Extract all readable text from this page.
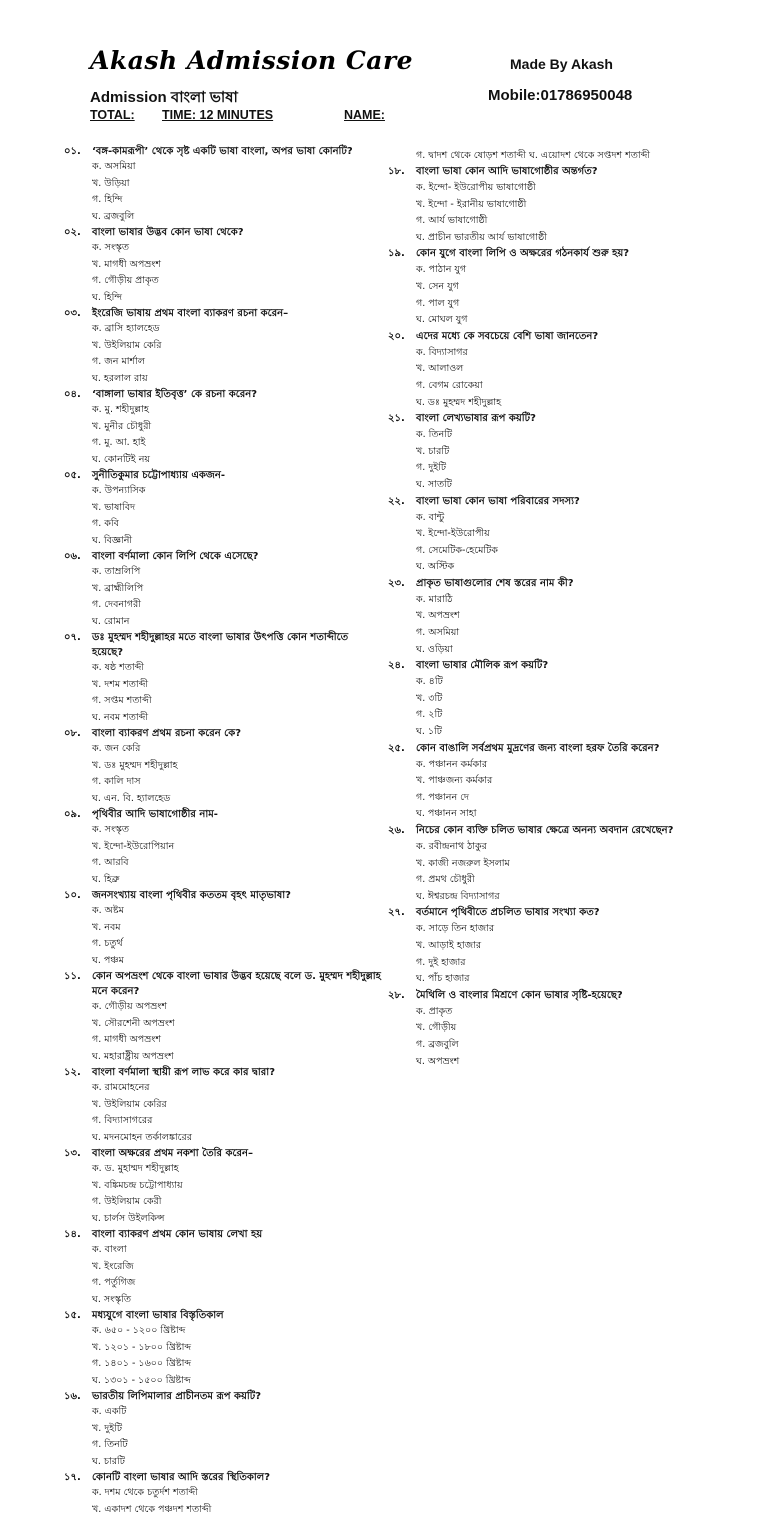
Akash Admission Care	Made By Akash
Admission বাংলা ভাষা	Mobile:01786950048
TOTAL: TIME: 12 MINUTES	NAME:
০১.	‘বঙ্গ-কামরূপী’ থেকে সৃষ্ট একটি ভাষা বাংলা, অপর ভাষা কোনটি?
ক. অসমিয়া
খ. উড়িয়া
গ. হিন্দি
ঘ. ব্রজবুলি
০২.	বাংলা ভাষার উদ্ভব কোন ভাষা থেকে?
ক. সংস্কৃত
খ. মাগধী অপভ্রংশ
গ. গৌড়ীয় প্রাকৃত
ঘ. হিন্দি
০৩.	ইংরেজি ভাষায় প্রথম বাংলা ব্যাকরণ রচনা করেন–
ক. ব্রাসি হ্যালহেড
খ. উইলিয়াম কেরি
গ. জন মার্শাল
ঘ. হরলাল রায়
০৪.	‘বাঙ্গালা ভাষার ইতিবৃত্ত’ কে রচনা করেন?
ক. মু. শহীদুল্লাহ
খ. মুনীর চৌধুরী
গ. মু. আ. হাই
ঘ. কোনটিই নয়
০৫.	সুনীতিকুমার চট্টোপাধ্যায় একজন-
ক. উপন্যাসিক
খ. ভাষাবিদ
গ. কবি
ঘ. বিজ্ঞানী
০৬.	বাংলা বর্ণমালা কোন লিপি থেকে এসেছে?
ক. তাম্রলিপি
খ. ব্রাহ্মীলিপি
গ. দেবনাগরী
ঘ. রোমান
০৭.	ডঃ মুহম্মদ শহীদুল্লাহর মতে বাংলা ভাষার উৎপত্তি কোন শতাব্দীতে হয়েছে?
ক. ষষ্ঠ শতাব্দী
খ. দশম শতাব্দী
গ. সপ্তম শতাব্দী
ঘ. নবম শতাব্দী
০৮.	বাংলা ব্যাকরণ প্রথম রচনা করেন কে?
ক. জন কেরি
খ. ডঃ মুহম্মদ শহীদুল্লাহ
গ. কালি দাস
ঘ. এন. বি. হ্যালহেড
০৯.	পৃথিবীর আদি ভাষাগোষ্ঠীর নাম-
ক. সংস্কৃত
খ. ইন্দো-ইউরোপিয়ান
গ. আরবি
ঘ. হিব্রু
১০.	জনসংখ্যায় বাংলা পৃথিবীর কততম বৃহৎ মাতৃভাষা?
ক. অষ্টম
খ. নবম
গ. চতুর্থ
ঘ. পঞ্চম
১১.	কোন অপভ্রংশ থেকে বাংলা ভাষার উদ্ভব হয়েছে বলে ড. মুহম্মদ শহীদুল্লাহ মনে করেন?
ক. গৌড়ীয় অপভ্রংশ
খ. সৌরশেনী অপভ্রংশ
গ. মাগধী অপভ্রংশ
ঘ. মহারাষ্ট্রীয় অপভ্রংশ
১২.	বাংলা বর্ণমালা স্থায়ী রূপ লাভ করে কার দ্বারা?
ক. রামমোহনের
খ. উইলিয়াম কেরির
গ. বিদ্যাসাগরের
ঘ. মদনমোহন তর্কালঙ্কারের
১৩.	বাংলা অক্ষরের প্রথম নকশা তৈরি করেন–
ক. ড. মুহাম্মদ শহীদুল্লাহ
খ. বঙ্কিমচন্দ্র চট্টোপাধ্যায়
গ. উইলিয়াম কেরী
ঘ. চার্লস উইলকিন্স
১৪.	বাংলা ব্যাকরণ প্রথম কোন ভাষায় লেখা হয়
ক. বাংলা
খ. ইংরেজি
গ. পর্তুগিজ
ঘ. সংস্কৃতি
১৫.	মধ্যযুগে বাংলা ভাষার বিস্তৃতিকাল
ক. ৬৫০ - ১২০০ খ্রিষ্টাব্দ
খ. ১২০১ - ১৮০০ খ্রিষ্টাব্দ
গ. ১৪০১ - ১৬০০ খ্রিষ্টাব্দ
ঘ. ১৩০১ - ১৫০০ খ্রিষ্টাব্দ
১৬.	ভারতীয় লিপিমালার প্রাচীনতম রূপ কয়টি?
ক. একটি
খ. দুইটি
গ. তিনটি
ঘ. চারটি
১৭.	কোনটি বাংলা ভাষার আদি স্তরের স্থিতিকাল?
ক. দশম থেকে চতুর্দশ শতাব্দী
খ. একাদশ থেকে পঞ্চদশ শতাব্দী
গ. দ্বাদশ থেকে ষোড়শ শতাব্দী ঘ. এয়োদশ থেকে সপ্তদশ শতাব্দী
১৮.	বাংলা ভাষা কোন আদি ভাষাগোষ্ঠীর অন্তর্গত?
ক. ইন্দো- ইউরোপীয় ভাষাগোষ্ঠী
খ. ইন্দো - ইরানীয় ভাষাগোষ্ঠী
গ. আর্য ভাষাগোষ্ঠী
ঘ. প্রাচীন ভারতীয় আর্য ভাষাগোষ্ঠী
১৯.	কোন যুগে বাংলা লিপি ও অক্ষরের গঠনকার্য শুরু হয়?
ক. পাঠান যুগ
খ. সেন যুগ
গ. পাল যুগ
ঘ. মোঘল যুগ
২০.	এদের মধ্যে কে সবচেয়ে বেশি ভাষা জানতেন?
ক. বিদ্যাসাগর
খ. আলাওল
গ. বেগম রোকেয়া
ঘ. ডঃ মুহম্মদ শহীদুল্লাহ
২১.	বাংলা লেখ্যভাষার রূপ কয়টি?
ক. তিনটি
খ. চারটি
গ. দুইটি
ঘ. সাতটি
২২.	বাংলা ভাষা কোন ভাষা পরিবারের সদস্য?
ক. বান্টু
খ. ইন্দো-ইউরোপীয়
গ. সেমেটিক-হেমেটিক
ঘ. অস্টিক
২৩.	প্রাকৃত ভাষাগুলোর শেষ স্তরের নাম কী?
ক. মারাঠি
খ. অপভ্রংশ
গ. অসমিয়া
ঘ. ওড়িয়া
২৪.	বাংলা ভাষার মৌলিক রূপ কয়টি?
ক. ৪টি
খ. ৩টি
গ. ২টি
ঘ. ১টি
২৫.	কোন বাঙালি সর্বপ্রথম মুদ্রণের জন্য বাংলা হরফ তৈরি করেন?
ক. পঞ্চানন কর্মকার
খ. পাঞ্চজন্য কর্মকার
গ. পঞ্চানন দে
ঘ. পঞ্চানন সাহা
২৬.	নিচের কোন ব্যক্তি চলিত ভাষার ক্ষেত্রে অনন্য অবদান রেখেছেন?
ক. রবীন্দ্রনাথ ঠাকুর
খ. কাজী নজরুল ইসলাম
গ. প্রমথ চৌধুরী
ঘ. ঈশ্বরচন্দ্র বিদ্যাসাগর
২৭.	বর্তমানে পৃথিবীতে প্রচলিত ভাষার সংখ্যা কত?
ক. সাড়ে তিন হাজার
খ. আড়াই হাজার
গ. দুই হাজার
ঘ. পাঁচ হাজার
২৮.	মৈথিলি ও বাংলার মিশ্রণে কোন ভাষার সৃষ্টি-হয়েছে?
ক. প্রাকৃত
খ. গৌড়ীয়
গ. ব্রজবুলি
ঘ. অপভ্রংশ
